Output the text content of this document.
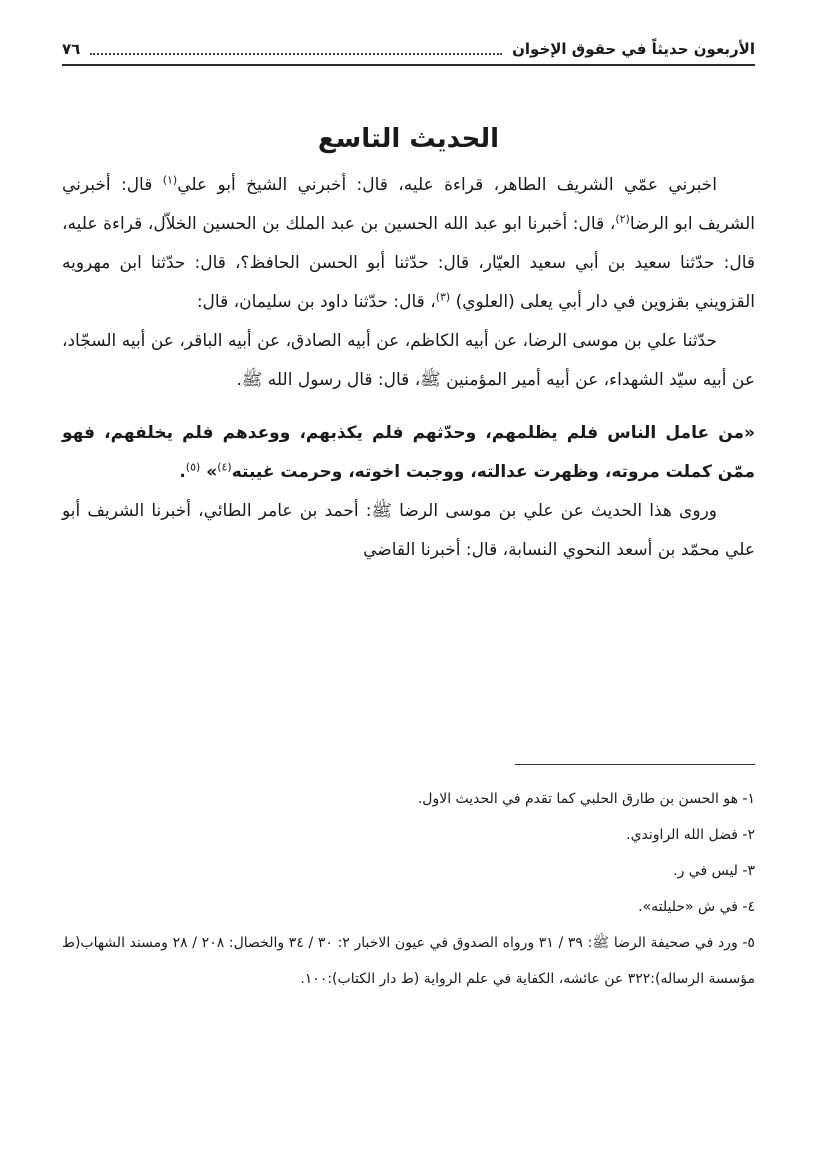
الأربعون حديثاً في حقوق الإخوان
٧٦
الحديث التاسع

اخبرني عمّي الشريف الطاهر، قراءة عليه، قال: أخبرني الشيخ أبو علي$^{(١)}$ قال: أخبرني الشريف ابو الرضا$^{(٢)}$، قال: أخبرنا ابو عبد الله الحسين بن عبد الملك بن الحسين الخلاّل، قراءة عليه، قال: حدّثنا سعيد بن أبي سعيد العيّار، قال: حدّثنا أبو الحسن الحافظ؟، قال: حدّثنا ابن مهرويه القزويني بقزوين في دار أبي يعلى (العلوي) $^{(٣)}$، قال: حدّثنا داود بن سليمان، قال:

حدّثنا علي بن موسى الرضا، عن أبيه الكاظم، عن أبيه الصادق، عن أبيه الباقر، عن أبيه السجّاد، عن أبيه سيّد الشهداء، عن أبيه أمير المؤمنين ﷺ، قال: قال رسول الله ﷺ.

«من عامل الناس فلم يظلمهم، وحدّثهم فلم يكذبهم، ووعدهم فلم يخلفهم، فهو ممّن كملت مروته، وظهرت عدالته، ووجبت اخوته، وحرمت غيبته$^{(٤)}$» $^{(٥)}$.

وروى هذا الحديث عن علي بن موسى الرضا ﷺ: أحمد بن عامر الطائي، أخبرنا الشريف أبو علي محمّد بن أسعد النحوي النسابة، قال: أخبرنا القاضي

١- هو الحسن بن طارق الحلبي كما تقدم في الحديث الاول.

٢- فضل الله الراوندي.

٣- ليس في ر.

٤- في ش «حليلته».

٥- ورد في صحيفة الرضا ﷺ: ٣٩ / ٣١ ورواه الصدوق في عيون الاخبار ٢: ٣٠ / ٣٤ والخصال: ٢٠٨ / ٢٨ ومسند الشهاب(ط مؤسسة الرساله):٣٢٢ عن عائشه، الكفاية في علم الرواية (ط دار الكتاب):١٠٠.
